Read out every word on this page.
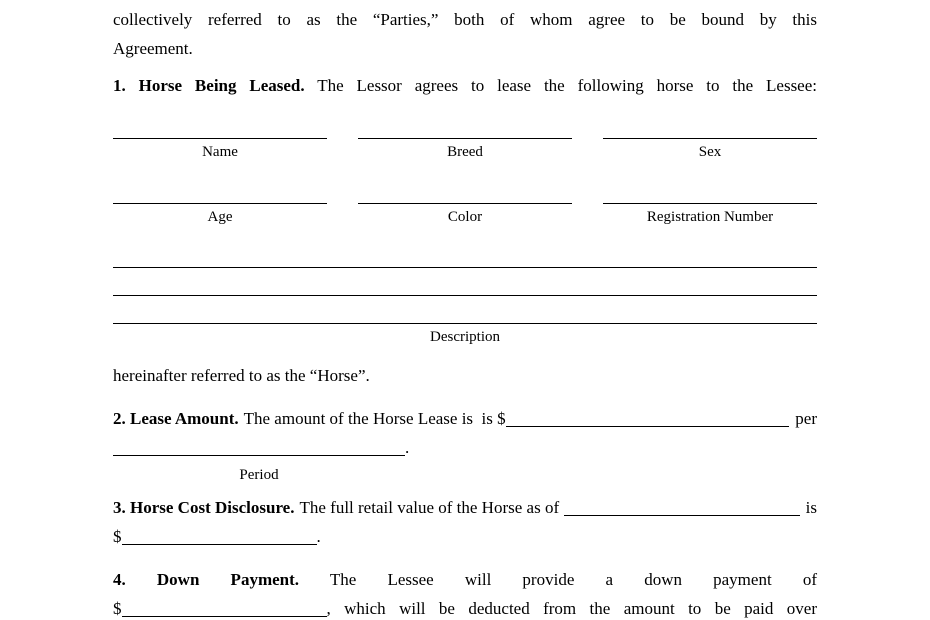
collectively referred to as the “Parties,” both of whom agree to be bound by this
Agreement.
1. Horse Being Leased. The Lessor agrees to lease the following horse to the Lessee:
Name	Breed	Sex
Age	Color	Registration Number
Description
hereinafter referred to as the “Horse”.
2. Lease Amount. The amount of the Horse Lease is  is $	per
.
Period
3. Horse Cost Disclosure. The full retail value of the Horse as of	is
$	.
4. Down Payment. The Lessee will provide a down payment of
$	, which will be deducted from the amount to be paid over
